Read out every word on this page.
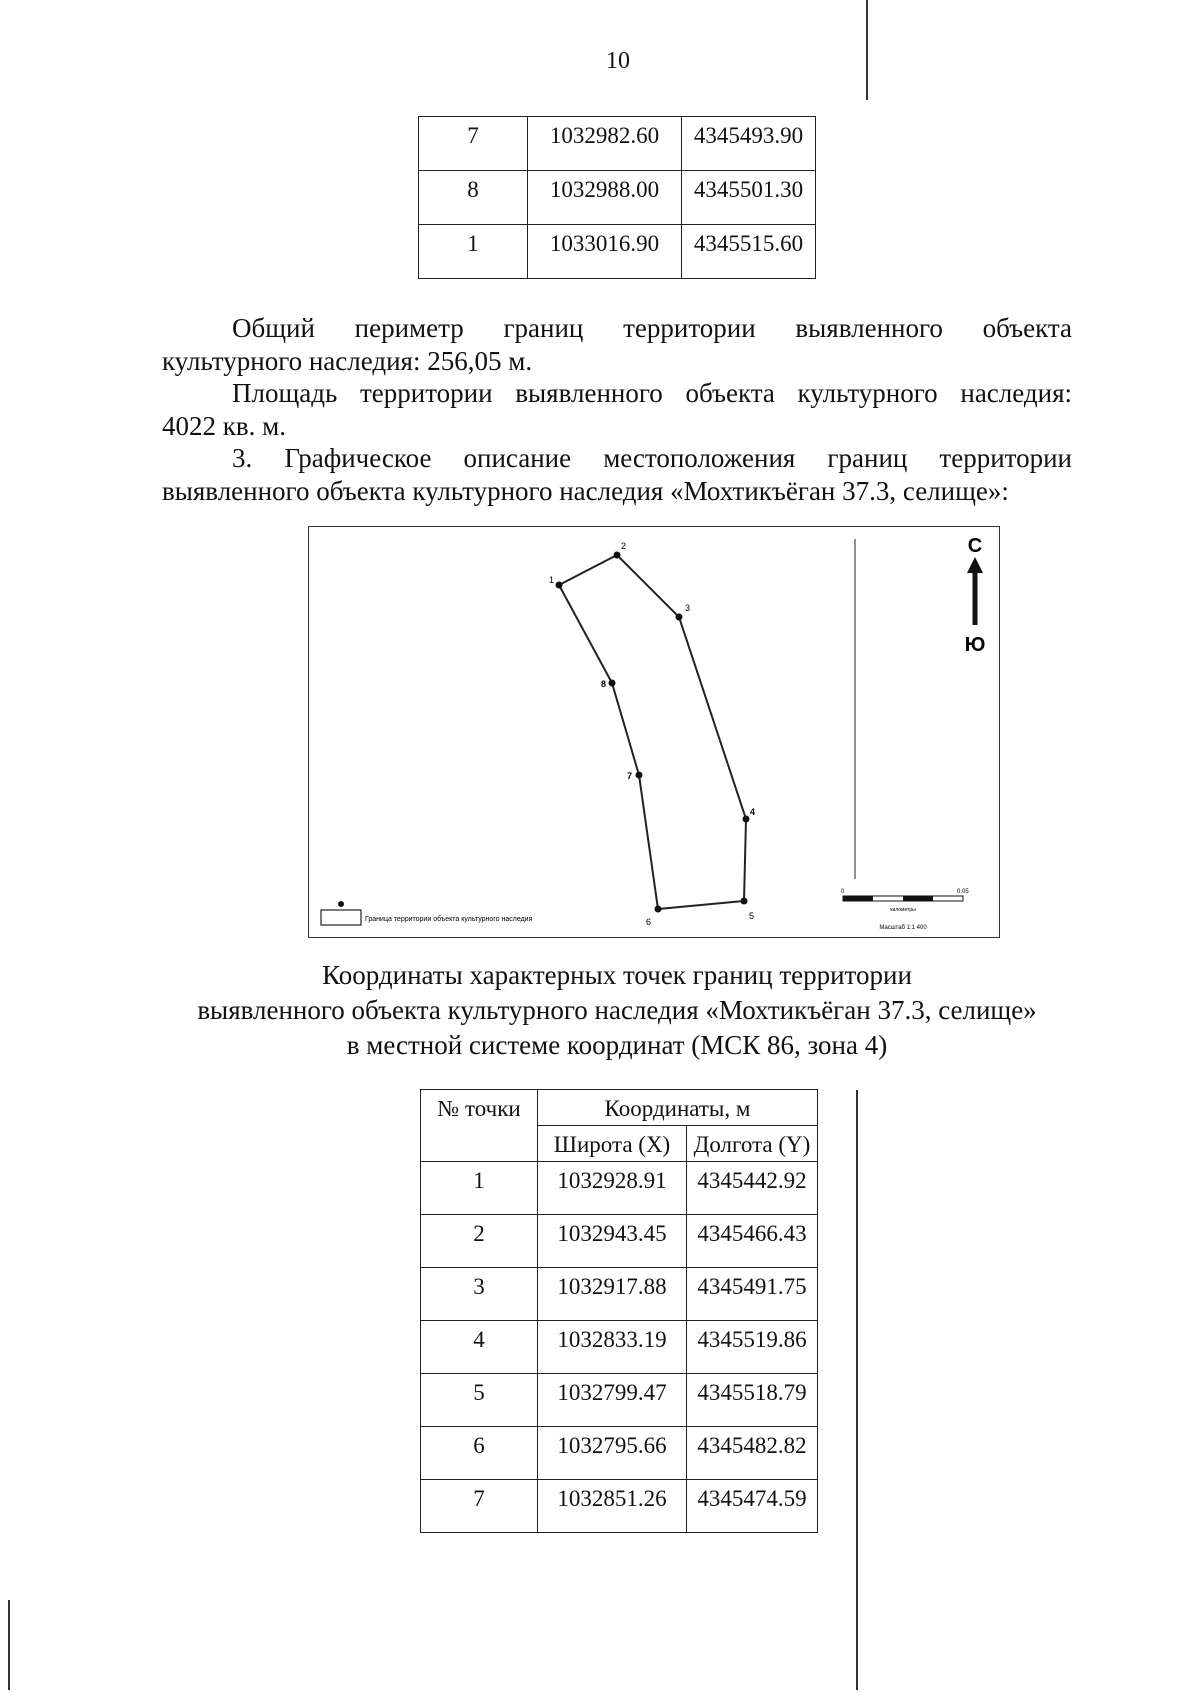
10
7	1032982.60	4345493.90
8	1032988.00	4345501.30
1	1033016.90	4345515.60
Общий периметр границ территории выявленного объекта
культурного наследия: 256,05 м.
Площадь территории выявленного объекта культурного наследия:
4022 кв. м.
3. Графическое описание местоположения границ территории
выявленного объекта культурного наследия «Мохтикъёган 37.3, селище»:
1
2
3
4
5
6
7
8
С
Ю
Граница территории объекта культурного наследия
0	0.05
километры
Масштаб 1:1 400
Координаты характерных точек границ территории
выявленного объекта культурного наследия «Мохтикъёган 37.3, селище»
в местной системе координат (МСК 86, зона 4)
№ точки	Координаты, м	
	Широта (X)	Долгота (Y)
1	1032928.91	4345442.92
2	1032943.45	4345466.43
3	1032917.88	4345491.75
4	1032833.19	4345519.86
5	1032799.47	4345518.79
6	1032795.66	4345482.82
7	1032851.26	4345474.59
